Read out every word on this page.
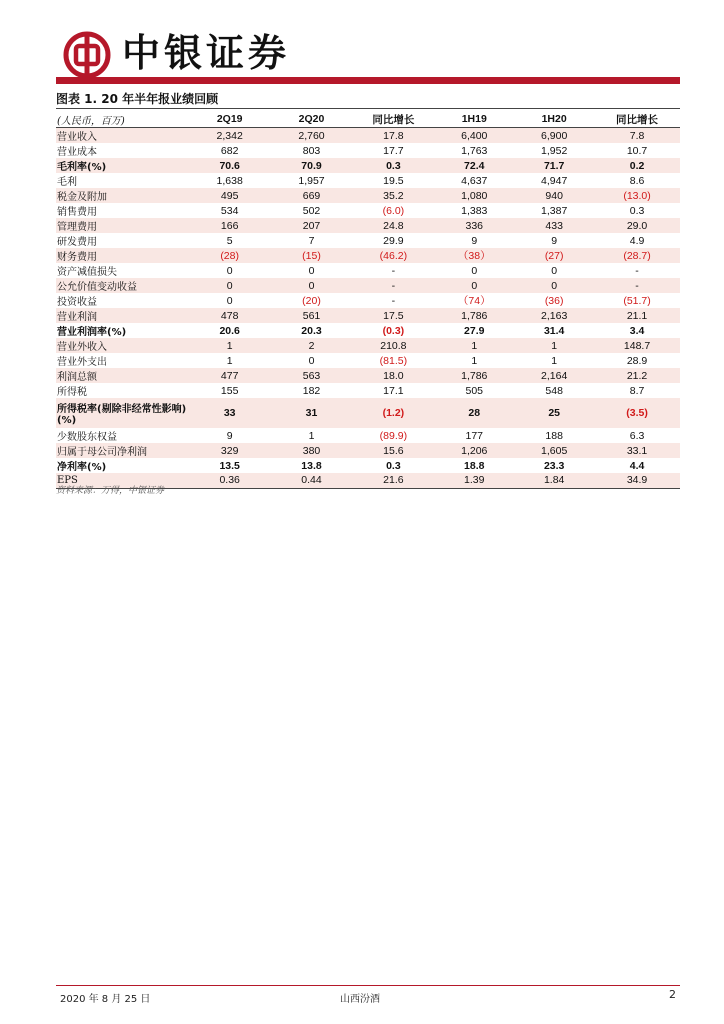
中银证券
图表 1. 20 年半年报业绩回顾
(人民币，百万)	2Q19	2Q20	同比增长	1H19	1H20	同比增长
营业收入	2,342	2,760	17.8	6,400	6,900	7.8
营业成本	682	803	17.7	1,763	1,952	10.7
毛利率(%)	70.6	70.9	0.3	72.4	71.7	0.2
毛利	1,638	1,957	19.5	4,637	4,947	8.6
税金及附加	495	669	35.2	1,080	940	(13.0)
销售费用	534	502	(6.0)	1,383	1,387	0.3
管理费用	166	207	24.8	336	433	29.0
研发费用	5	7	29.9	9	9	4.9
财务费用	(28)	(15)	(46.2)	（38）	(27)	(28.7)
资产减值损失	0	0	-	0	0	-
公允价值变动收益	0	0	-	0	0	-
投资收益	0	(20)	-	（74）	(36)	(51.7)
营业利润	478	561	17.5	1,786	2,163	21.1
营业利润率(%)	20.6	20.3	(0.3)	27.9	31.4	3.4
营业外收入	1	2	210.8	1	1	148.7
营业外支出	1	0	(81.5)	1	1	28.9
利润总额	477	563	18.0	1,786	2,164	21.2
所得税	155	182	17.1	505	548	8.7
所得税率(剔除非经常性影响)(%)	33	31	(1.2)	28	25	(3.5)
少数股东权益	9	1	(89.9)	177	188	6.3
归属于母公司净利润	329	380	15.6	1,206	1,605	33.1
净利率(%)	13.5	13.8	0.3	18.8	23.3	4.4
EPS	0.36	0.44	21.6	1.39	1.84	34.9
资料来源：万得，中银证券
2020 年 8 月 25 日	山西汾酒	2
